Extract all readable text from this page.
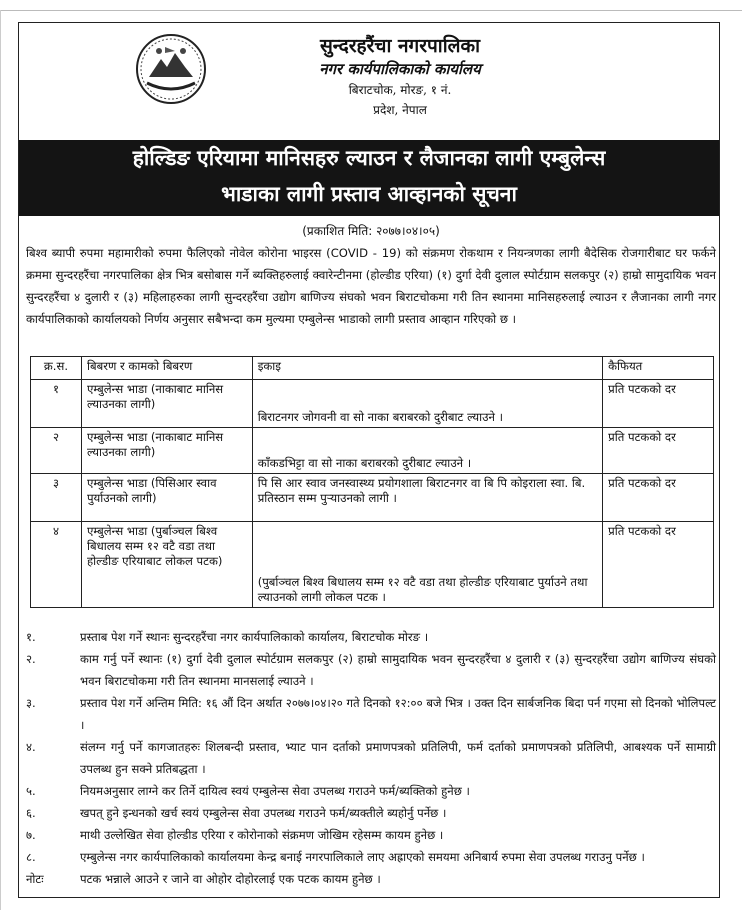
सुन्दरहरैंचा नगरपालिका
नगर कार्यपालिकाको कार्यालय
बिराटचोक, मोरङ, १ नं.
प्रदेश, नेपाल
होल्डिङ एरियामा मानिसहरु ल्याउन र लैजानका लागी एम्बुलेन्स
भाडाका लागी प्रस्ताव आव्हानको सूचना
(प्रकाशित मिति: २०७७।०४।०५)
बिश्व ब्यापी रुपमा महामारीको रुपमा फैलिएको नोवेल कोरोना भाइरस (COVID - 19) को संक्रमण रोकथाम र नियन्त्रणका लागी बैदेसिक रोजगारीबाट घर फर्कने क्रममा सुन्दरहरैंचा नगरपालिका क्षेत्र भित्र बसोबास गर्ने ब्यक्तिहरुलाई क्वारेन्टीनमा (होल्डीड एरिया) (१) दुर्गा देवी दुलाल स्पोर्टग्राम सलकपुर (२) हाम्रो सामुदायिक भवन सुन्दरहरैंचा ४ दुलारी र (३) महिलाहरुका लागी सुन्दरहरैंचा उद्योग बाणिज्य संघको भवन बिराटचोकमा गरी तिन स्थानमा मानिसहरुलाई ल्याउन र लैजानका लागी नगर कार्यपालिकाको कार्यालयको निर्णय अनुसार सबैभन्दा कम मुल्यमा एम्बुलेन्स भाडाको लागी प्रस्ताव आव्हान गरिएको छ ।
क्र.स.	बिबरण र कामको बिबरण	इकाइ	कैफियत
१	एम्बुलेन्स भाडा (नाकाबाट मानिस ल्याउनका लागी)	बिराटनगर जोगवनी वा सो नाका बराबरको दुरीबाट ल्याउने ।	प्रति पटकको दर
२	एम्बुलेन्स भाडा (नाकाबाट मानिस ल्याउनका लागी)	काँकडभिट्टा वा सो नाका बराबरको दुरीबाट ल्याउने ।	प्रति पटकको दर
३	एम्बुलेन्स भाडा (पिसिआर स्वाव पुर्याउनको लागी)	पि सि आर स्वाव जनस्वास्थ्य प्रयोगशाला बिराटनगर वा बि पि कोइराला स्वा. बि. प्रतिस्ठान सम्म पुऱ्याउनको लागी ।	प्रति पटकको दर
४	एम्बुलेन्स भाडा (पुर्बाञ्चल बिश्व बिधालय सम्म १२ वटै वडा तथा होल्डीङ एरियाबाट लोकल पटक)	(पुर्बाञ्चल बिश्व बिधालय सम्म १२ वटै वडा तथा होल्डीङ एरियाबाट पुर्याउने तथा ल्याउनको लागी लोकल पटक ।	प्रति पटकको दर
१.	प्रस्ताब पेश गर्ने स्थानः सुन्दरहरैंचा नगर कार्यपालिकाको कार्यालय, बिराटचोक मोरङ ।
२.	काम गर्नु पर्ने स्थानः (१) दुर्गा देवी दुलाल स्पोर्टग्राम सलकपुर (२) हाम्रो सामुदायिक भवन सुन्दरहरैंचा ४ दुलारी र (३) सुन्दरहरैंचा उद्योग बाणिज्य संघको भवन बिराटचोकमा गरी तिन स्थानमा मानसलाई ल्याउने ।
३.	प्रस्ताव पेश गर्ने अन्तिम मिति: १६ औं दिन अर्थात २०७७।०४।२० गते दिनको १२:०० बजे भित्र । उक्त दिन सार्बजनिक बिदा पर्न गएमा सो दिनको भोलिपल्ट ।
४.	संलग्न गर्नु पर्ने कागजातहरुः शिलबन्दी प्रस्ताव, भ्याट पान दर्ताको प्रमाणपत्रको प्रतिलिपी, फर्म दर्ताको प्रमाणपत्रको प्रतिलिपी, आबश्यक पर्ने सामाग्री उपलब्ध हुन सक्ने प्रतिबद्धता ।
५.	नियमअनुसार लाग्ने कर तिर्ने दायित्व स्वयं एम्बुलेन्स सेवा उपलब्ध गराउने फर्म/ब्यक्तिको हुनेछ ।
६.	खपत् हुने इन्धनको खर्च स्वयं एम्बुलेन्स सेवा उपलब्ध गराउने फर्म/ब्यक्तीले ब्यहोर्नु पर्नेछ ।
७.	माथी उल्लेखित सेवा होल्डीड एरिया र कोरोनाको संक्रमण जोखिम रहेसम्म कायम हुनेछ ।
८.	एम्बुलेन्स नगर कार्यपालिकाको कार्यालयमा केन्द्र बनाई नगरपालिकाले लाए अह्राएको समयमा अनिबार्य रुपमा सेवा उपलब्ध गराउनु पर्नेछ ।
नोटः	पटक भन्नाले आउने र जाने वा ओहोर दोहोरलाई एक पटक कायम हुनेछ ।
